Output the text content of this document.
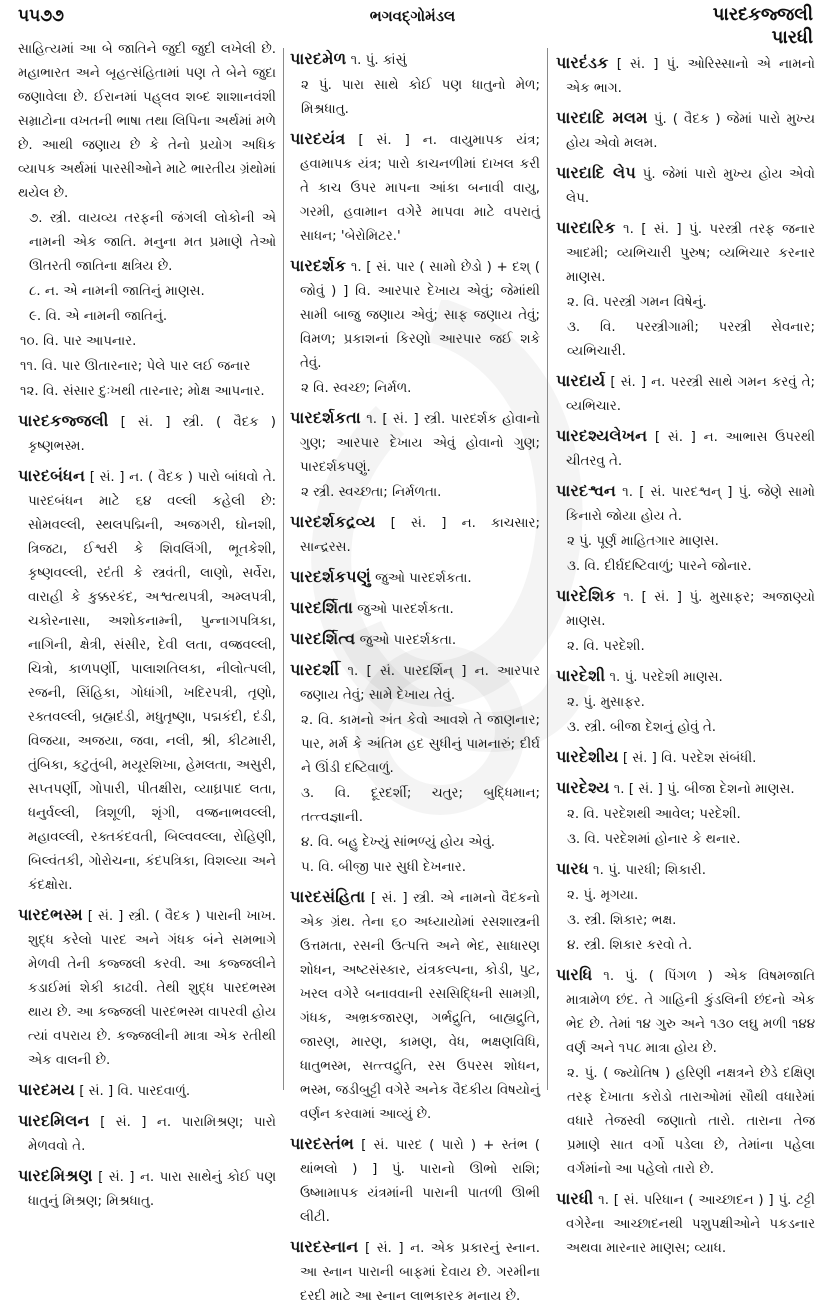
૫૫૭૭	ભગવદ્ગોમંડલ	પારદકજ્જલી
પારધી

સાહિત્યમાં આ બે જાતિને જુદી જુદી લખેલી છે. મહાભારત અને બૃહત્સંહિતામાં પણ તે બેને જુદા જણાવેલા છે. ઈરાનમાં પહ્‌લવ શબ્દ શાશાનવંશી સમ્રાટોના વખતની ભાષા તથા લિપિના અર્થમાં મળે છે. આથી જણાય છે કે તેનો પ્રયોગ અધિક વ્યાપક અર્થમાં પારસીઓને માટે ભારતીય ગ્રંથોમાં થયેલ છે.

૭. સ્ત્રી. વાયવ્ય તરફની જંગલી લોકોની એ નામની એક જાતિ. મનુના મત પ્રમાણે તેઓ ઊતરતી જાતિના ક્ષત્રિય છે.

૮. ન. એ નામની જાતિનું માણસ.

૯. વિ. એ નામની જાતિનું.

૧૦. વિ. પાર આપનાર.

૧૧. વિ. પાર ઊતારનાર; પેલે પાર લઈ જનાર

૧૨. વિ. સંસાર દુઃખથી તારનાર; મોક્ષ આપનાર.

પારદકજ્જલી [ સં. ] સ્ત્રી. ( વૈદક ) કૃષ્ણભસ્મ.

પારદબંધન [ સં. ] ન. ( વૈદક ) પારો બાંધવો તે. પારદબંધન માટે ૬૪ વલ્લી કહેલી છે: સોમવલ્લી, સ્થલપદ્મિની, અજગરી, ઘોનશી, ત્રિજટા, ઈશ્વરી કે શિવલિંગી, ભૂતકેશી, કૃષ્ણવલ્લી, રદંતી કે સ્ત્રવંતી, લાણો, સર્વેરા, વારાહી કે કુક્કરકંદ, અશ્વત્થપત્રી, અમ્લપત્રી, ચકોરનાસા, અશોકનામ્ની, પુન્નાગપત્રિકા, નાગિની, ક્ષેત્રી, સંસીર, દેવી લતા, વજ્રવલ્લી, ચિત્રો, કાળપર્ણી, પાલાશતિલકા, નીલોત્પલી, રજની, સિંહિકા, ગોધાંગી, ખદિરપત્રી, તૃણો, રક્તવલ્લી, બ્રહ્મદંડી, મધુતૃષ્ણા, પદ્મકંદી, દંડી, વિજયા, અજયા, જવા, નલી, શ્રી, કીટમારી, તુંબિકા, કટુતુંબી, મયૂરશિખા, હેમલતા, અસુરી, સપ્તપર્ણી, ગોપારી, પીતક્ષીરા, વ્યાઘ્રપાદ લતા, ધનુર્વલ્લી, ત્રિશૂળી, શૃંગી, વજ્રનાભવલ્લી, મહાવલ્લી, રક્તકંદવતી, બિલ્વવલ્લા, રોહિણી, બિલ્વંતકી, ગોરોચના, કંદપત્રિકા, વિશલ્યા અને કંદક્ષોરા.

પારદભસ્મ [ સં. ] સ્ત્રી. ( વૈદક ) પારાની ખાખ. શુદ્ધ કરેલો પારદ અને ગંધક બંને સમભાગે મેળવી તેની કજ્જલી કરવી. આ કજ્જલીને કડાઈમાં શેકી કાઢવી. તેથી શુદ્ધ પારદભસ્મ થાય છે. આ કજ્જલી પારદભસ્મ વાપરવી હોય ત્યાં વપરાય છે. કજ્જલીની માત્રા એક રતીથી એક વાલની છે.

પારદમય [ સં. ] વિ. પારદવાળું.

પારદમિલન [ સં. ] ન. પારામિશ્રણ; પારો મેળવવો તે.

પારદમિશ્રણ [ સં. ] ન. પારા સાથેનું કોઈ પણ ધાતુનું મિશ્રણ; મિશ્રધાતુ.

પારદમેળ ૧. પું. કાંસું

૨ પું. પારા સાથે કોઈ પણ ધાતુનો મેળ; મિશ્રધાતુ.

પારદયંત્ર [ સં. ] ન. વાયુમાપક યંત્ર; હવામાપક યંત્ર; પારો કાચનળીમાં દાખલ કરી તે કાચ ઉપર માપના આંકા બનાવી વાયુ, ગરમી, હવામાન વગેરે માપવા માટે વપરાતું સાધન; 'બેરોમિટર.'

પારદર્શક ૧. [ સં. પાર ( સામો છેડો ) + દશ્ ( જોવું ) ] વિ. આરપાર દેખાય એવું; જેમાંથી સામી બાજુ જણાય એવું; સાફ જણાય તેવું; વિમળ; પ્રકાશનાં કિરણો આરપાર જઈ શકે તેવું.

૨ વિ. સ્વચ્છ; નિર્મળ.

પારદર્શકતા ૧. [ સં. ] સ્ત્રી. પારદર્શક હોવાનો ગુણ; આરપાર દેખાય એવું હોવાનો ગુણ; પારદર્શકપણું.

૨ સ્ત્રી. સ્વચ્છતા; નિર્મળતા.

પારદર્શકદ્રવ્ય [ સં. ] ન. કાચસાર; સાન્દ્રરસ.

પારદર્શકપણું જુઓ પારદર્શકતા.

પારદર્શિતા જુઓ પારદર્શકતા.

પારદર્શિત્વ જુઓ પારદર્શકતા.

પારદર્શી ૧. [ સં. પારદર્શિન્ ] ન. આરપાર જણાય તેવું; સામે દેખાય તેવું.

૨. વિ. કામનો અંત કેવો આવશે તે જાણનાર; પાર, મર્મ કે અંતિમ હદ સુધીનું પામનારું; દીર્ઘ ને ઊંડી દષ્ટિવાળું.

૩. વિ. દૂરદર્શી; ચતુર; બુદ્ધિમાન; તત્ત્વજ્ઞાની.

૪. વિ. બહુ દેખ્યું સાંભળ્યું હોય એવું.

૫. વિ. બીજી પાર સુધી દેખનાર.

પારદસંહિતા [ સં. ] સ્ત્રી. એ નામનો વૈદકનો એક ગ્રંથ. તેના ૬૦ અધ્યાયોમાં રસશાસ્ત્રની ઉત્તમતા, રસની ઉત્પત્તિ અને ભેદ, સાધારણ શોધન, અષ્ટસંસ્કાર, યંત્રકલ્પના, કોડી, પુટ, ખરલ વગેરે બનાવવાની રસસિદ્ધિની સામગ્રી, ગંધક, અભ્રકજારણ, ગર્ભદ્રુતિ, બાહ્યદ્રુતિ, જારણ, મારણ, કામણ, વેધ, ભક્ષણવિધિ, ધાતુભસ્મ, સત્ત્વદ્રુતિ, રસ ઉપરસ શોધન, ભસ્મ, જડીબુટ્ટી વગેરે અનેક વૈદકીય વિષયોનું વર્ણન કરવામાં આવ્યું છે.

પારદસ્તંભ [ સં. પારદ ( પારો ) + સ્તંભ ( થાંભલો ) ] પું. પારાનો ઊભો રાશિ; ઉષ્મામાપક યંત્રમાંની પારાની પાતળી ઊભી લીટી.

પારદસ્નાન [ સં. ] ન. એક પ્રકારનું સ્નાન. આ સ્નાન પારાની બાફમાં દેવાય છે. ગરમીના દરદી માટે આ સ્નાન લાભકારક મનાય છે.

પારદંડક [ સં. ] પું. ઓરિસ્સાનો એ નામનો એક ભાગ.

પારદાદિ મલમ પું. ( વૈદક ) જેમાં પારો મુખ્ય હોય એવો મલમ.

પારદાદિ લેપ પું. જેમાં પારો મુખ્ય હોય એવો લેપ.

પારદારિક ૧. [ સં. ] પું. પરસ્ત્રી તરફ જનાર આદમી; વ્યભિચારી પુરુષ; વ્યભિચાર કરનાર માણસ.

૨. વિ. પરસ્ત્રી ગમન વિષેનું.

૩. વિ. પરસ્ત્રીગામી; પરસ્ત્રી સેવનાર; વ્યભિચારી.

પારદાર્ય [ સં. ] ન. પરસ્ત્રી સાથે ગમન કરવું તે; વ્યભિચાર.

પારદશ્યલેખન [ સં. ] ન. આભાસ ઉપરથી ચીતરવુ તે.

પારદશ્વન ૧. [ સં. પારદશ્વન્ ] પું. જેણે સામો કિનારો જોયા હોય તે.

૨ પું. પૂર્ણ માહિતગાર માણસ.

૩. વિ. દીર્ઘદષ્ટિવાળું; પારને જોનાર.

પારદેશિક ૧. [ સં. ] પું. મુસાફર; અજાણ્યો માણસ.

૨. વિ. પરદેશી.

પારદેશી ૧. પું. પરદેશી માણસ.

૨. પું. મુસાફર.

૩. સ્ત્રી. બીજા દેશનું હોવું તે.

પારદેશીય [ સં. ] વિ. પરદેશ સંબંધી.

પારદેશ્ય ૧. [ સં. ] પું. બીજા દેશનો માણસ.

૨. વિ. પરદેશથી આવેલ; પરદેશી.

૩. વિ. પરદેશમાં હોનાર કે થનાર.

પારધ ૧. પું. પારધી; શિકારી.

૨. પું. મૃગયા.

૩. સ્ત્રી. શિકાર; ભક્ષ.

૪. સ્ત્રી. શિકાર કરવો તે.

પારધિ ૧. પું. ( પિંગળ ) એક વિષમજાતિ માત્રામેળ છંદ. તે ગાહિની કુંડલિની છંદનો એક ભેદ છે. તેમાં ૧૪ ગુરુ અને ૧૩૦ લઘુ મળી ૧૪૪ વર્ણ અને ૧૫૮ માત્રા હોય છે.

૨. પું. ( જ્યોતિષ ) હરિણી નક્ષત્રને છેડે દક્ષિણ તરફ દેખાતા કરોડો તારાઓમાં સૌથી વધારેમાં વધારે તેજસ્વી જણાતો તારો. તારાના તેજ પ્રમાણે સાત વર્ગો પડેલા છે, તેમાંના પહેલા વર્ગમાંનો આ પહેલો તારો છે.

પારધી ૧. [ સં. પરિધાન ( આચ્છાદન ) ] પું. ટટ્ટી વગેરેના આચ્છાદનથી પશુપક્ષીઓને પકડનાર અથવા મારનાર માણસ; વ્યાધ.
